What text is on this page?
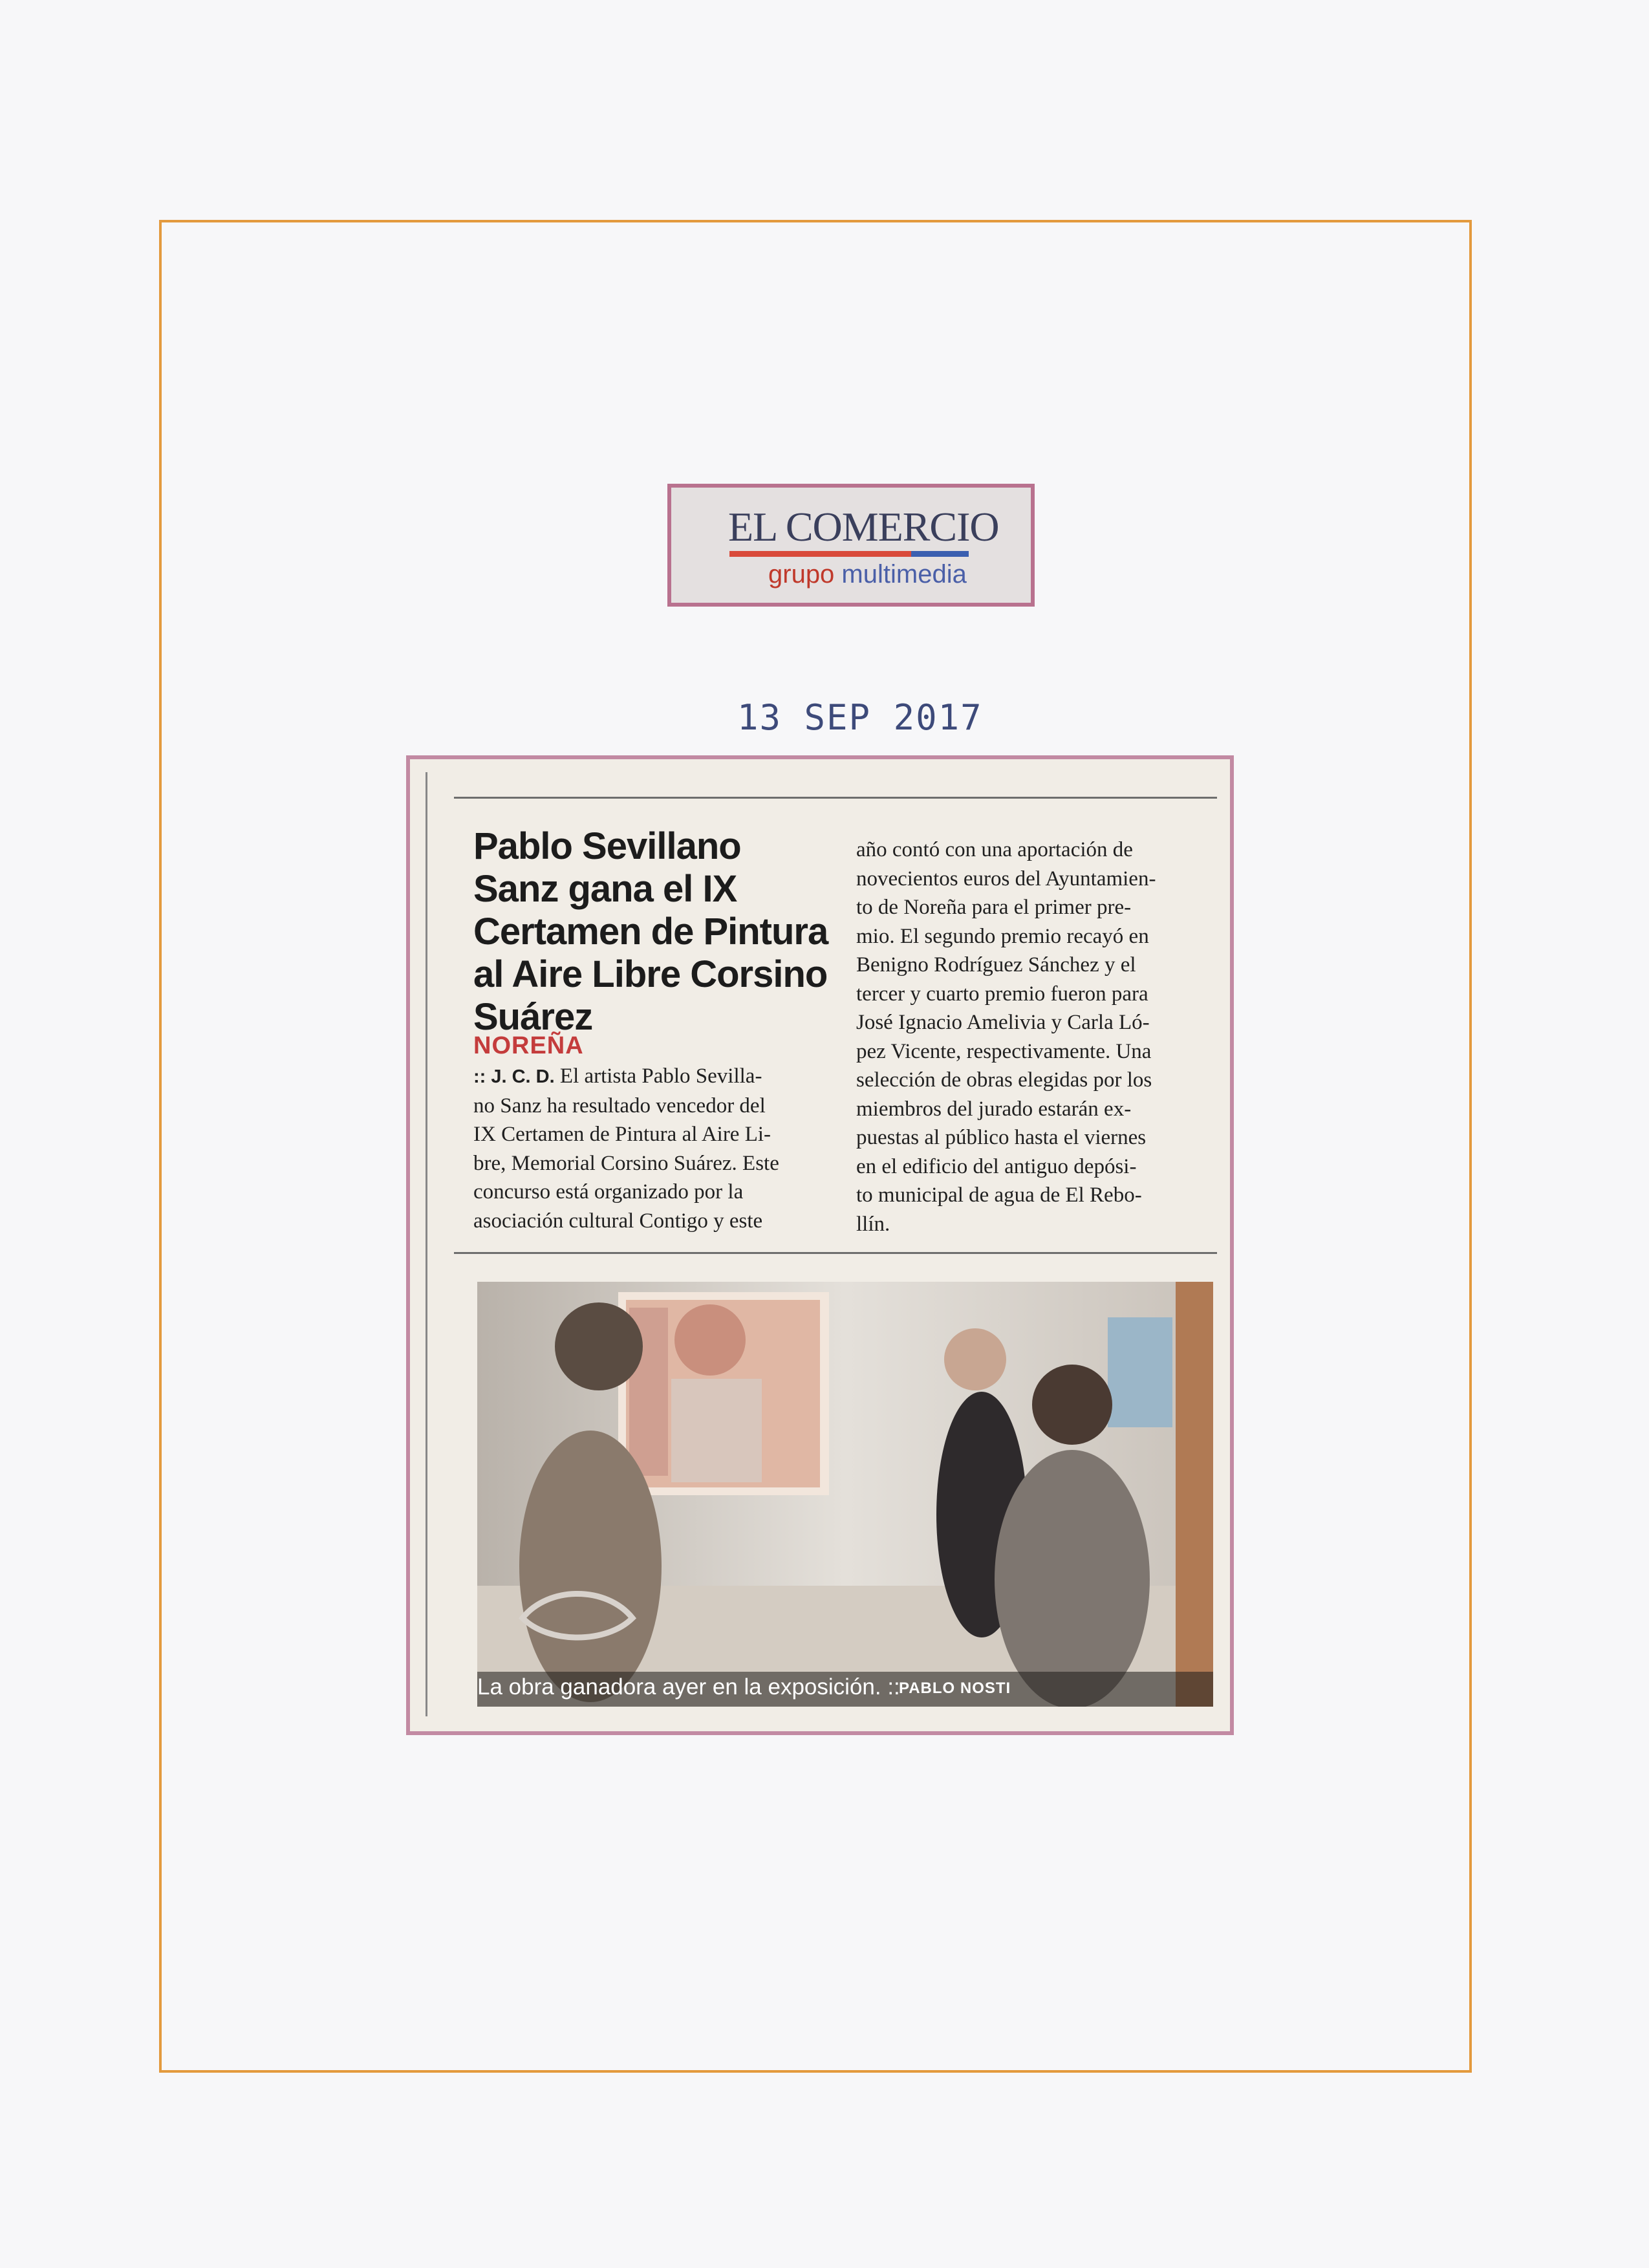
EL COMERCIO
grupo multimedia
13 SEP 2017
Pablo Sevillano Sanz gana el IX Certamen de Pintura al Aire Libre Corsino Suárez
NOREÑA

:: J. C. D. El artista Pablo Sevilla-
no Sanz ha resultado vencedor del
IX Certamen de Pintura al Aire Li-
bre, Memorial Corsino Suárez. Este
concurso está organizado por la
asociación cultural Contigo y este

año contó con una aportación de
novecientos euros del Ayuntamien-
to de Noreña para el primer pre-
mio. El segundo premio recayó en
Benigno Rodríguez Sánchez y el
tercer y cuarto premio fueron para
José Ignacio Amelivia y Carla Ló-
pez Vicente, respectivamente. Una
selección de obras elegidas por los
miembros del jurado estarán ex-
puestas al público hasta el viernes
en el edificio del antiguo depósi-
to municipal de agua de El Rebo-
llín.

La obra ganadora ayer en la exposición. ::
PABLO NOSTI
